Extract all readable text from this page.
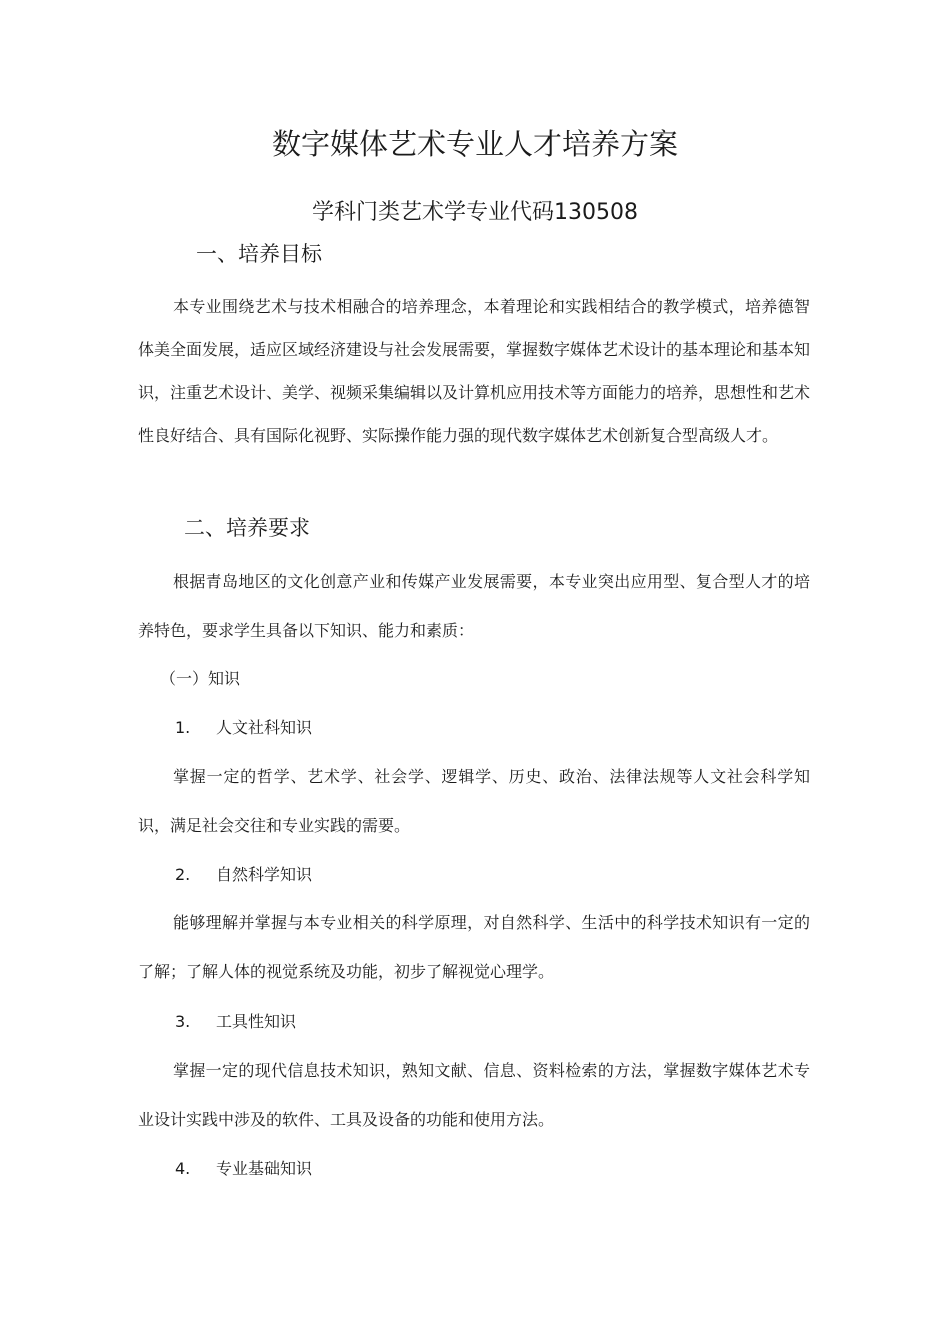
数字媒体艺术专业人才培养方案
学科门类艺术学专业代码130508
一、培养目标
本专业围绕艺术与技术相融合的培养理念，本着理论和实践相结合的教学模式，培养德智体美全面发展，适应区域经济建设与社会发展需要，掌握数字媒体艺术设计的基本理论和基本知识，注重艺术设计、美学、视频采集编辑以及计算机应用技术等方面能力的培养，思想性和艺术性良好结合、具有国际化视野、实际操作能力强的现代数字媒体艺术创新复合型高级人才。
二、培养要求
根据青岛地区的文化创意产业和传媒产业发展需要，本专业突出应用型、复合型人才的培养特色，要求学生具备以下知识、能力和素质：
（一）知识
1. 人文社科知识
掌握一定的哲学、艺术学、社会学、逻辑学、历史、政治、法律法规等人文社会科学知识，满足社会交往和专业实践的需要。
2. 自然科学知识
能够理解并掌握与本专业相关的科学原理，对自然科学、生活中的科学技术知识有一定的了解；了解人体的视觉系统及功能，初步了解视觉心理学。
3. 工具性知识
掌握一定的现代信息技术知识，熟知文献、信息、资料检索的方法，掌握数字媒体艺术专业设计实践中涉及的软件、工具及设备的功能和使用方法。
4. 专业基础知识
